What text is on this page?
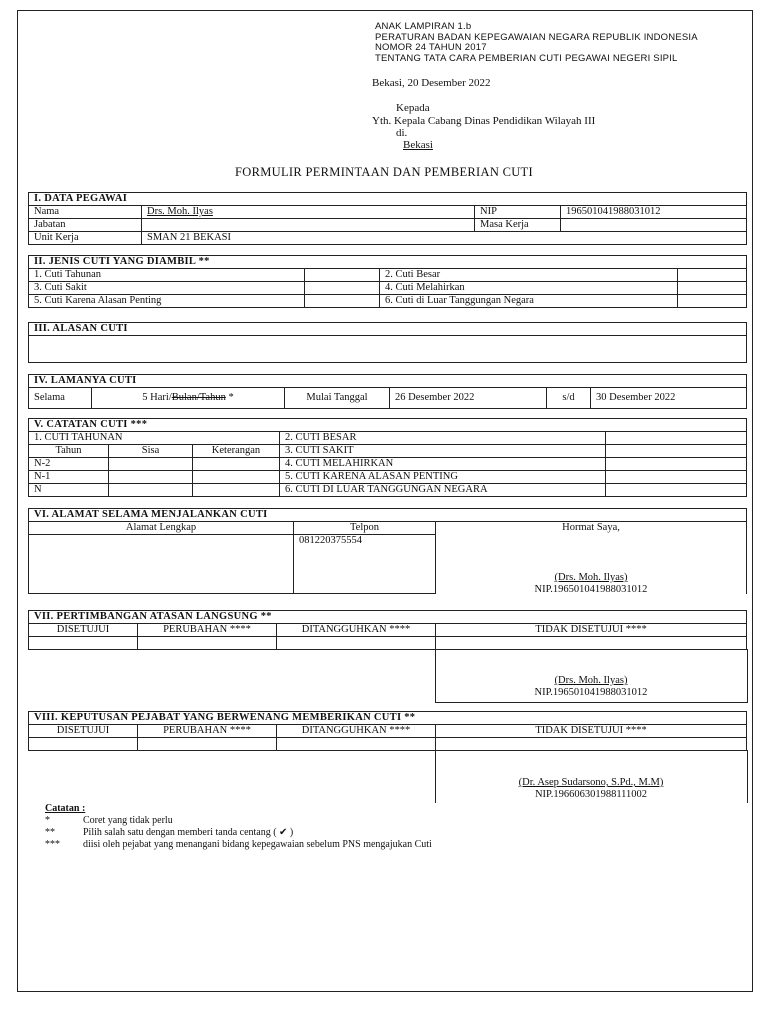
ANAK LAMPIRAN 1.b
PERATURAN BADAN KEPEGAWAIAN NEGARA REPUBLIK INDONESIA
NOMOR 24 TAHUN 2017
TENTANG TATA CARA PEMBERIAN CUTI PEGAWAI NEGERI SIPIL
Bekasi, 20 Desember 2022
Kepada
Yth. Kepala Cabang Dinas Pendidikan Wilayah III
di.
Bekasi
FORMULIR PERMINTAAN DAN PEMBERIAN CUTI
I. DATA PEGAWAI			
Nama	Drs. Moh. Ilyas	NIP	196501041988031012
Jabatan		Masa Kerja	
Unit Kerja	SMAN 21 BEKASI		
II. JENIS CUTI YANG DIAMBIL **			
1. Cuti Tahunan		2. Cuti Besar	
3. Cuti Sakit		4. Cuti Melahirkan	
5. Cuti Karena Alasan Penting		6. Cuti di Luar Tanggungan Negara	
III. ALASAN CUTI

IV. LAMANYA CUTI
Selama	5 Hari/Bulan/Tahun *	Mulai Tanggal	26 Desember 2022	s/d	30 Desember 2022
V. CATATAN CUTI ***				
1. CUTI TAHUNAN			2. CUTI BESAR	
Tahun	Sisa	Keterangan	3. CUTI SAKIT	
N-2			4. CUTI MELAHIRKAN	
N-1			5. CUTI KARENA ALASAN PENTING	
N			6. CUTI DI LUAR TANGGUNGAN NEGARA	
VI. ALAMAT SELAMA MENJALANKAN CUTI		
Alamat Lengkap	Telpon	Hormat Saya,

	081220375554	
(Drs. Moh. Ilyas)
NIP.196501041988031012
VII. PERTIMBANGAN ATASAN LANGSUNG **			
DISETUJUI	PERUBAHAN ****	DITANGGUHKAN ****	TIDAK DISETUJUI ****

(Drs. Moh. Ilyas)
NIP.196501041988031012
VIII. KEPUTUSAN PEJABAT YANG BERWENANG MEMBERIKAN CUTI **			
DISETUJUI	PERUBAHAN ****	DITANGGUHKAN ****	TIDAK DISETUJUI ****

(Dr. Asep Sudarsono, S.Pd., M.M)
NIP.196606301988111002
Catatan :
*	Coret yang tidak perlu
**	Pilih salah satu dengan memberi tanda centang ( ✔ )
***	diisi oleh pejabat yang menangani bidang kepegawaian sebelum PNS mengajukan Cuti
